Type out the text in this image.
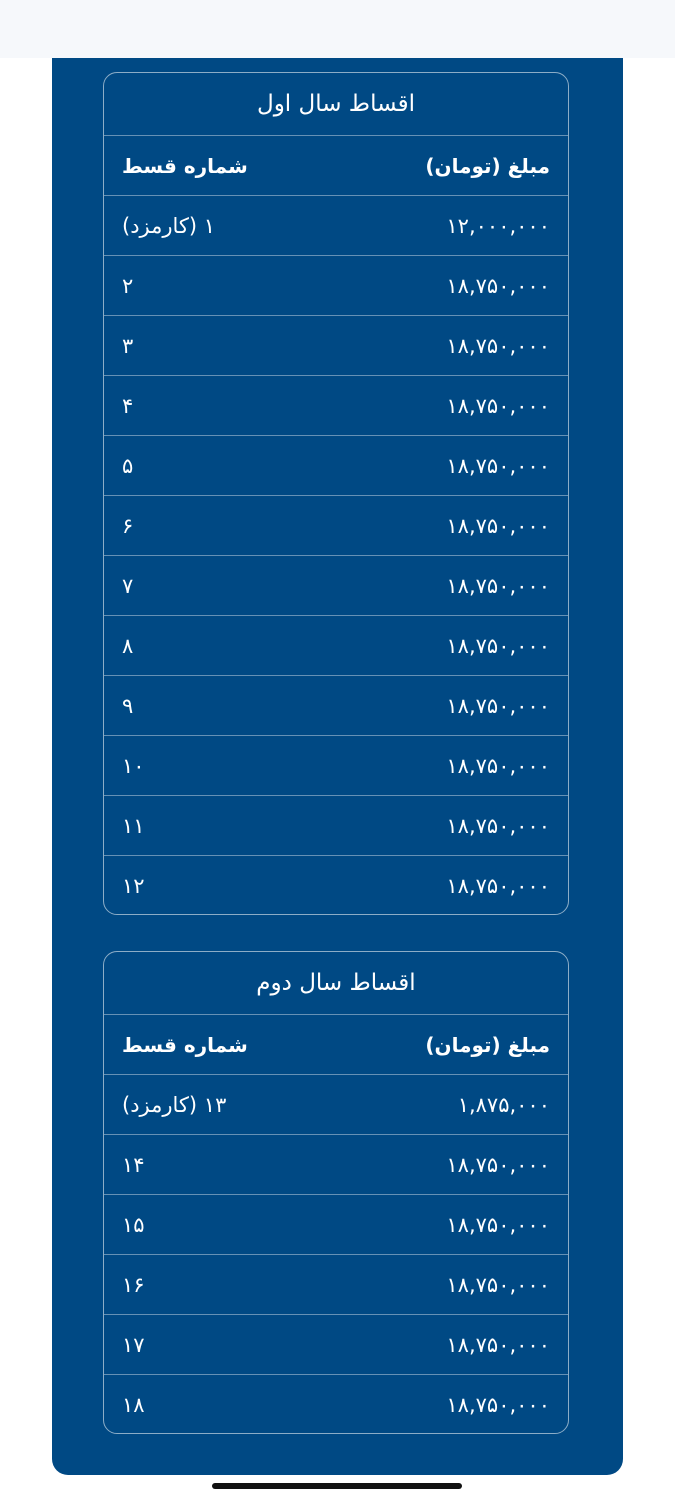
اقساط سال اول
شماره قسط	مبلغ (تومان)
۱ (کارمزد)	۱۲,۰۰۰,۰۰۰
۲	۱۸,۷۵۰,۰۰۰
۳	۱۸,۷۵۰,۰۰۰
۴	۱۸,۷۵۰,۰۰۰
۵	۱۸,۷۵۰,۰۰۰
۶	۱۸,۷۵۰,۰۰۰
۷	۱۸,۷۵۰,۰۰۰
۸	۱۸,۷۵۰,۰۰۰
۹	۱۸,۷۵۰,۰۰۰
۱۰	۱۸,۷۵۰,۰۰۰
۱۱	۱۸,۷۵۰,۰۰۰
۱۲	۱۸,۷۵۰,۰۰۰
اقساط سال دوم
شماره قسط	مبلغ (تومان)
۱۳ (کارمزد)	۱,۸۷۵,۰۰۰
۱۴	۱۸,۷۵۰,۰۰۰
۱۵	۱۸,۷۵۰,۰۰۰
۱۶	۱۸,۷۵۰,۰۰۰
۱۷	۱۸,۷۵۰,۰۰۰
۱۸	۱۸,۷۵۰,۰۰۰
